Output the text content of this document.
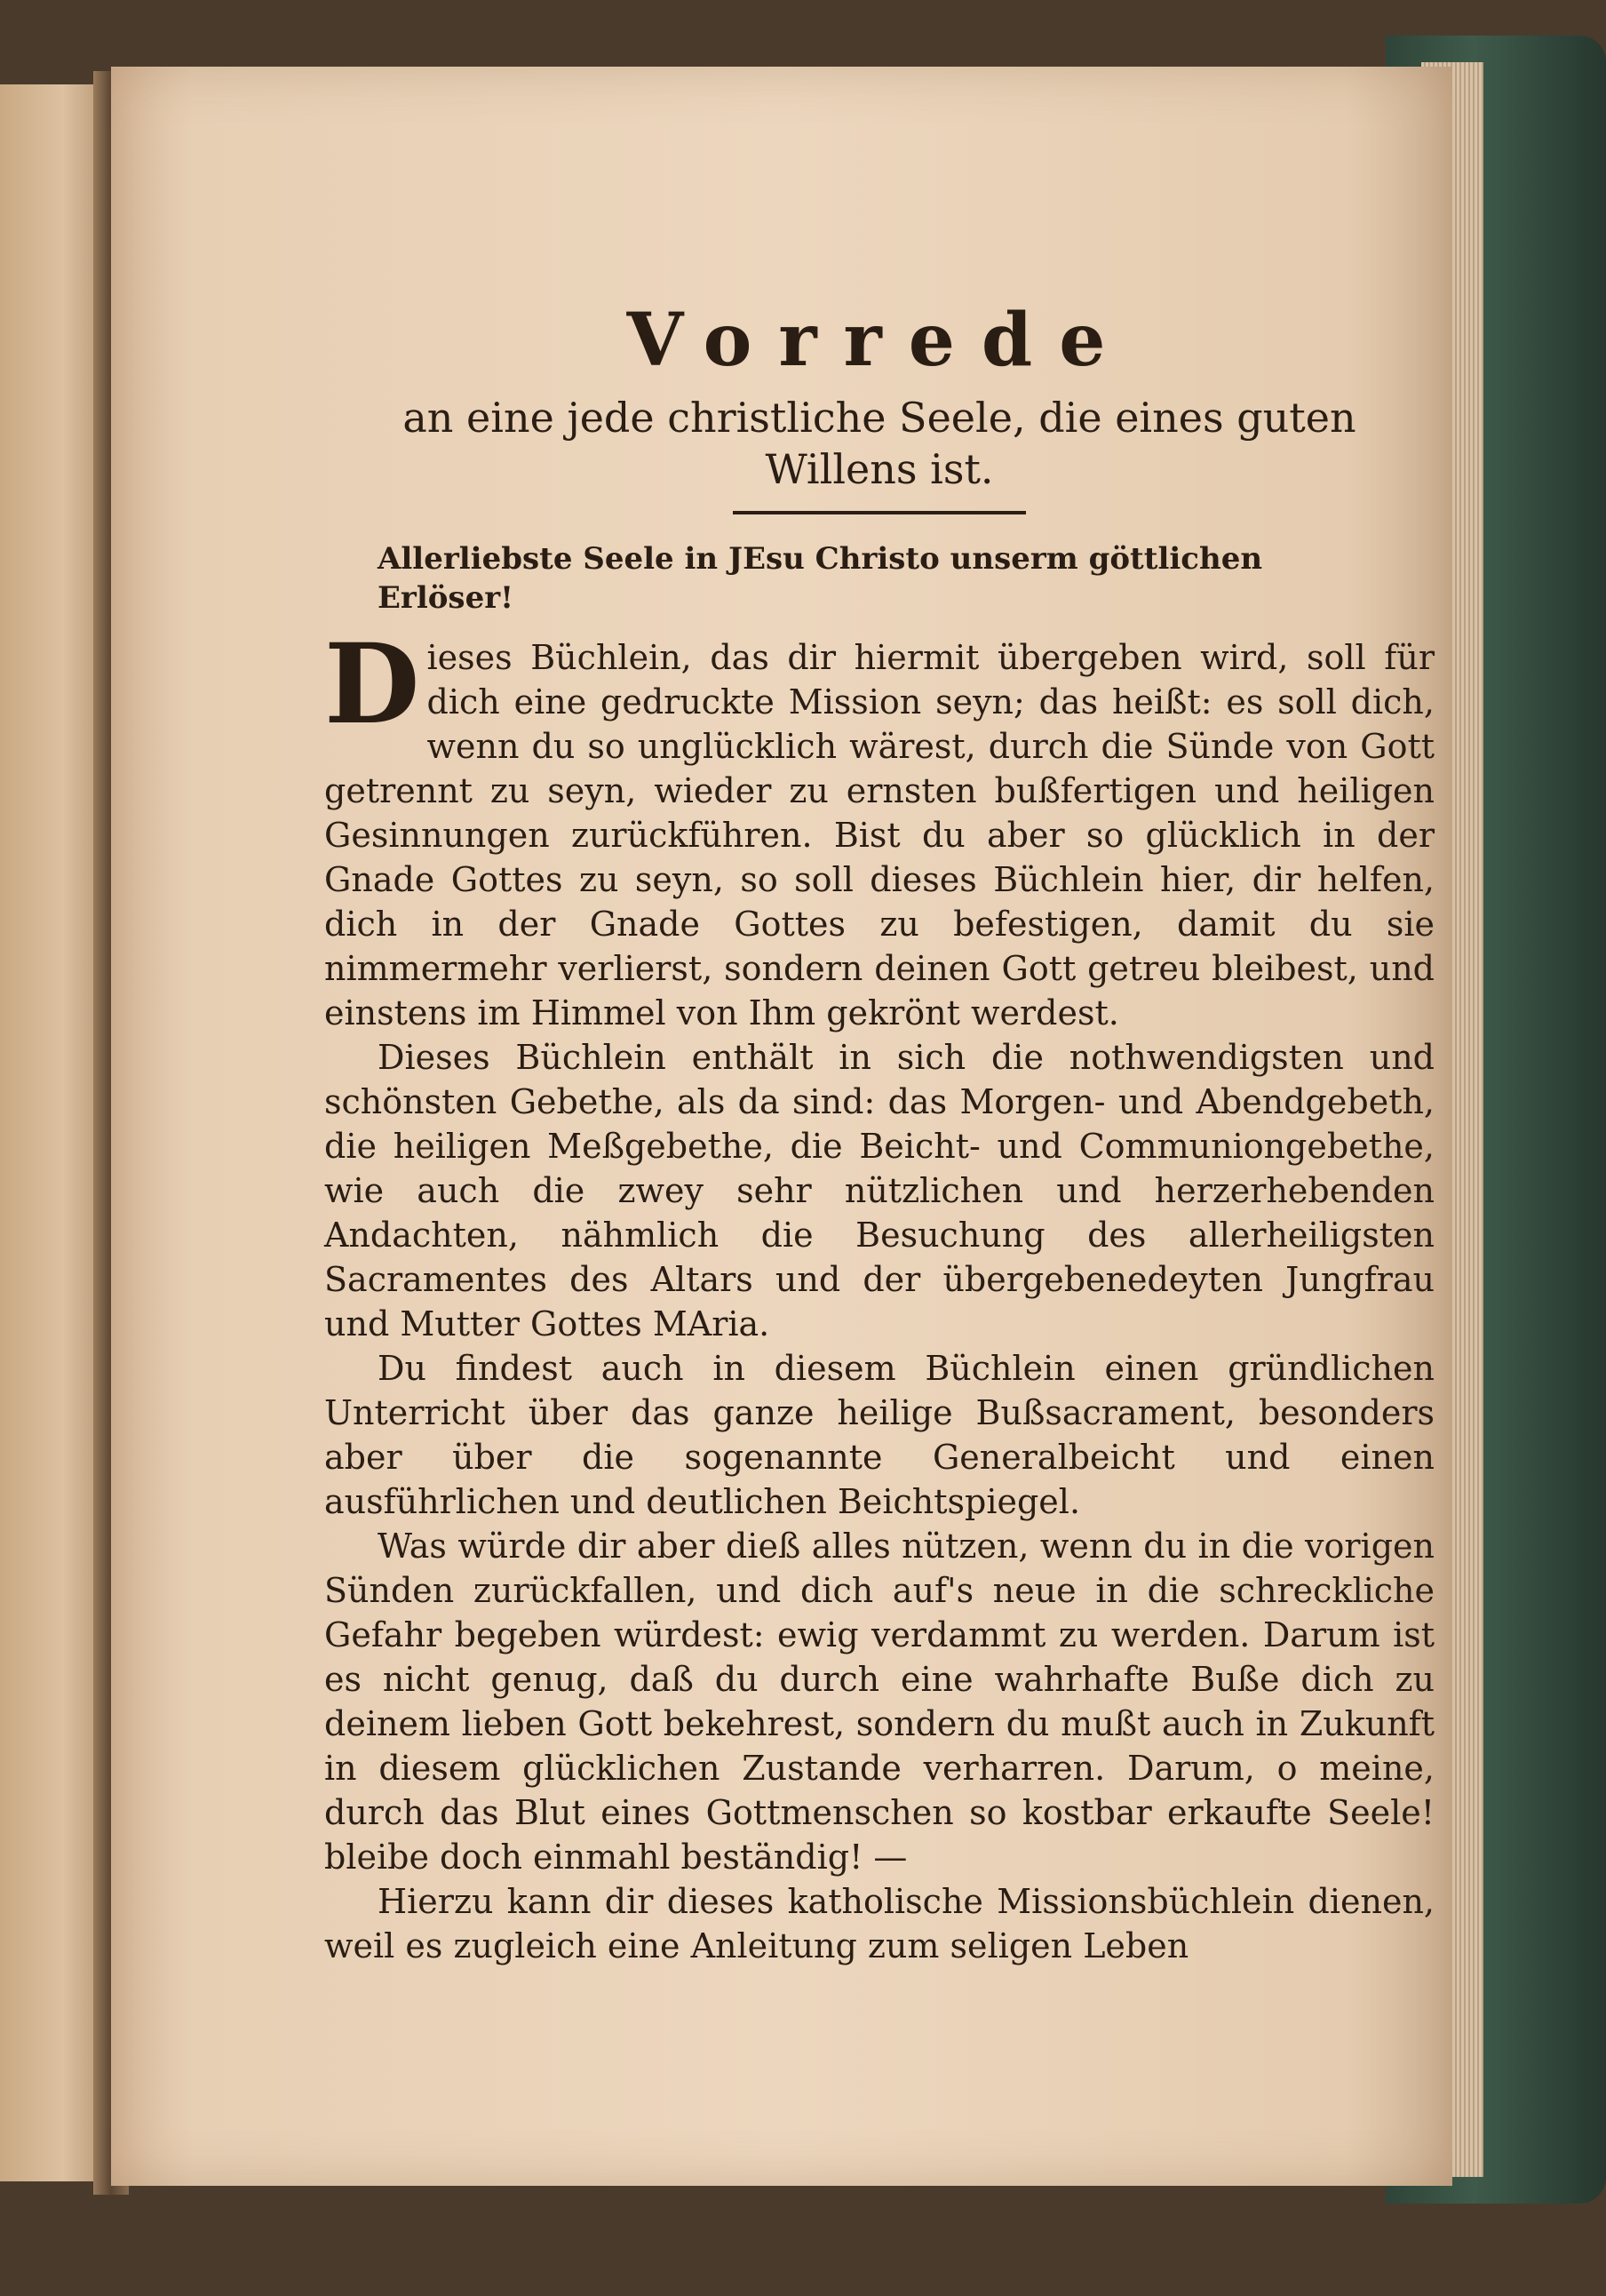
Vorrede

an eine jede christliche Seele, die eines guten Willens ist.

Allerliebste Seele in JEsu Christo unserm göttlichen Erlöser!

Dieses Büchlein, das dir hiermit übergeben wird, soll für dich eine gedruckte Mission seyn; das heißt: es soll dich, wenn du so unglücklich wärest, durch die Sünde von Gott getrennt zu seyn, wieder zu ernsten bußfertigen und heiligen Gesinnungen zurückführen. Bist du aber so glücklich in der Gnade Gottes zu seyn, so soll dieses Büchlein hier, dir helfen, dich in der Gnade Gottes zu befestigen, damit du sie nimmermehr verlierst, sondern deinen Gott getreu bleibest, und einstens im Himmel von Ihm gekrönt werdest.

Dieses Büchlein enthält in sich die nothwendigsten und schönsten Gebethe, als da sind: das Morgen- und Abendgebeth, die heiligen Meßgebethe, die Beicht- und Communiongebethe, wie auch die zwey sehr nützlichen und herzerhebenden Andachten, nähmlich die Besuchung des allerheiligsten Sacramentes des Altars und der übergebenedeyten Jungfrau und Mutter Gottes MAria.

Du findest auch in diesem Büchlein einen gründlichen Unterricht über das ganze heilige Bußsacrament, besonders aber über die sogenannte Generalbeicht und einen ausführlichen und deutlichen Beichtspiegel.

Was würde dir aber dieß alles nützen, wenn du in die vorigen Sünden zurückfallen, und dich auf's neue in die schreckliche Gefahr begeben würdest: ewig verdammt zu werden. Darum ist es nicht genug, daß du durch eine wahrhafte Buße dich zu deinem lieben Gott bekehrest, sondern du mußt auch in Zukunft in diesem glücklichen Zustande verharren. Darum, o meine, durch das Blut eines Gottmenschen so kostbar erkaufte Seele! bleibe doch einmahl beständig! —

Hierzu kann dir dieses katholische Missionsbüchlein dienen, weil es zugleich eine Anleitung zum seligen Leben
